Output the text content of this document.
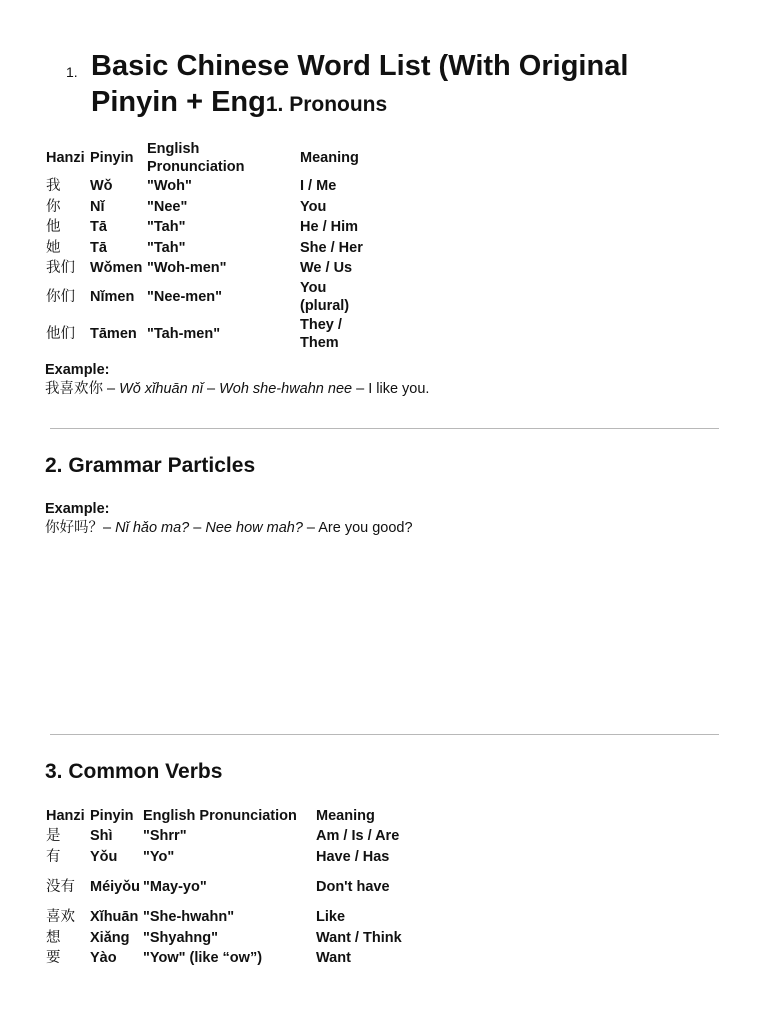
1. Basic Chinese Word List (With Original Pinyin + Eng1. Pronouns
Hanzi	Pinyin	English Pronunciation	Meaning
我	Wǒ	"Woh"	I / Me
你	Nǐ	"Nee"	You
他	Tā	"Tah"	He / Him
她	Tā	"Tah"	She / Her
我们	Wǒmen	"Woh-men"	We / Us
你们	Nǐmen	"Nee-men"	You (plural)
他们	Tāmen	"Tah-men"	They / Them
Example:
我喜欢你 – Wǒ xǐhuān nǐ – Woh she-hwahn nee – I like you.
2. Grammar Particles
Example:
你好吗？– Nǐ hǎo ma? – Nee how mah? – Are you good?
3. Common Verbs
Hanzi	Pinyin	English Pronunciation	Meaning
是	Shì	"Shrr"	Am / Is / Are
有	Yǒu	"Yo"	Have / Has
没有	Méiyǒu	"May-yo"	Don't have
喜欢	Xǐhuān	"She-hwahn"	Like
想	Xiǎng	"Shyahng"	Want / Think
要	Yào	"Yow" (like “ow”)	Want
